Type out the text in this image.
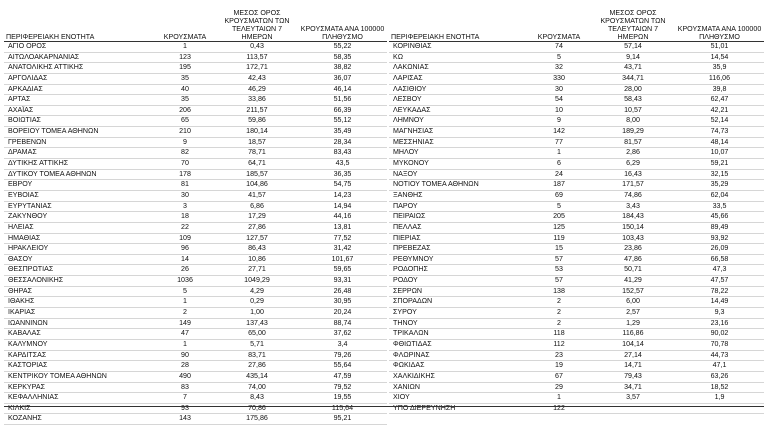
ΠΕΡΙΦΕΡΕΙΑΚΗ ΕΝΟΤΗΤΑ	ΚΡΟΥΣΜΑΤΑ	ΜΕΣΟΣ ΟΡΟΣ ΚΡΟΥΣΜΑΤΩΝ ΤΩΝ ΤΕΛΕΥΤΑΙΩΝ 7 ΗΜΕΡΩΝ	ΚΡΟΥΣΜΑΤΑ ΑΝΑ 100000 ΠΛΗΘΥΣΜΟ

ΑΓΙΟ ΟΡΟΣ	1	0,43	55,22
ΑΙΤΩΛΟΑΚΑΡΝΑΝΙΑΣ	123	113,57	58,35
ΑΝΑΤΟΛΙΚΗΣ ΑΤΤΙΚΗΣ	195	172,71	38,82
ΑΡΓΟΛΙΔΑΣ	35	42,43	36,07
ΑΡΚΑΔΙΑΣ	40	46,29	46,14
ΑΡΤΑΣ	35	33,86	51,56
ΑΧΑΪΑΣ	206	211,57	66,39
ΒΟΙΩΤΙΑΣ	65	59,86	55,12
ΒΟΡΕΙΟΥ ΤΟΜΕΑ ΑΘΗΝΩΝ	210	180,14	35,49
ΓΡΕΒΕΝΩΝ	9	18,57	28,34
ΔΡΑΜΑΣ	82	78,71	83,43
ΔΥΤΙΚΗΣ ΑΤΤΙΚΗΣ	70	64,71	43,5
ΔΥΤΙΚΟΥ ΤΟΜΕΑ ΑΘΗΝΩΝ	178	185,57	36,35
ΕΒΡΟΥ	81	104,86	54,75
ΕΥΒΟΙΑΣ	30	41,57	14,23
ΕΥΡΥΤΑΝΙΑΣ	3	6,86	14,94
ΖΑΚΥΝΘΟΥ	18	17,29	44,16
ΗΛΕΙΑΣ	22	27,86	13,81
ΗΜΑΘΙΑΣ	109	127,57	77,52
ΗΡΑΚΛΕΙΟΥ	96	86,43	31,42
ΘΑΣΟΥ	14	10,86	101,67
ΘΕΣΠΡΩΤΙΑΣ	26	27,71	59,65
ΘΕΣΣΑΛΟΝΙΚΗΣ	1036	1049,29	93,31
ΘΗΡΑΣ	5	4,29	26,48
ΙΘΑΚΗΣ	1	0,29	30,95
ΙΚΑΡΙΑΣ	2	1,00	20,24
ΙΩΑΝΝΙΝΩΝ	149	137,43	88,74
ΚΑΒΑΛΑΣ	47	65,00	37,62
ΚΑΛΥΜΝΟΥ	1	5,71	3,4
ΚΑΡΔΙΤΣΑΣ	90	83,71	79,26
ΚΑΣΤΟΡΙΑΣ	28	27,86	55,64
ΚΕΝΤΡΙΚΟΥ ΤΟΜΕΑ ΑΘΗΝΩΝ	490	435,14	47,59
ΚΕΡΚΥΡΑΣ	83	74,00	79,52
ΚΕΦΑΛΛΗΝΙΑΣ	7	8,43	19,55
ΚΙΛΚΙΣ	93	70,86	115,64
ΚΟΖΑΝΗΣ	143	175,86	95,21
ΠΕΡΙΦΕΡΕΙΑΚΗ ΕΝΟΤΗΤΑ	ΚΡΟΥΣΜΑΤΑ	ΜΕΣΟΣ ΟΡΟΣ ΚΡΟΥΣΜΑΤΩΝ ΤΩΝ ΤΕΛΕΥΤΑΙΩΝ 7 ΗΜΕΡΩΝ	ΚΡΟΥΣΜΑΤΑ ΑΝΑ 100000 ΠΛΗΘΥΣΜΟ

ΚΟΡΙΝΘΙΑΣ	74	57,14	51,01
ΚΩ	5	9,14	14,54
ΛΑΚΩΝΙΑΣ	32	43,71	35,9
ΛΑΡΙΣΑΣ	330	344,71	116,06
ΛΑΣΙΘΙΟΥ	30	28,00	39,8
ΛΕΣΒΟΥ	54	58,43	62,47
ΛΕΥΚΑΔΑΣ	10	10,57	42,21
ΛΗΜΝΟΥ	9	8,00	52,14
ΜΑΓΝΗΣΙΑΣ	142	189,29	74,73
ΜΕΣΣΗΝΙΑΣ	77	81,57	48,14
ΜΗΛΟΥ	1	2,86	10,07
ΜΥΚΟΝΟΥ	6	6,29	59,21
ΝΑΞΟΥ	24	16,43	32,15
ΝΟΤΙΟΥ ΤΟΜΕΑ ΑΘΗΝΩΝ	187	171,57	35,29
ΞΑΝΘΗΣ	69	74,86	62,04
ΠΑΡΟΥ	5	3,43	33,5
ΠΕΙΡΑΙΩΣ	205	184,43	45,66
ΠΕΛΛΑΣ	125	150,14	89,49
ΠΙΕΡΙΑΣ	119	103,43	93,92
ΠΡΕΒΕΖΑΣ	15	23,86	26,09
ΡΕΘΥΜΝΟΥ	57	47,86	66,58
ΡΟΔΟΠΗΣ	53	50,71	47,3
ΡΟΔΟΥ	57	41,29	47,57
ΣΕΡΡΩΝ	138	152,57	78,22
ΣΠΟΡΑΔΩΝ	2	6,00	14,49
ΣΥΡΟΥ	2	2,57	9,3
ΤΗΝΟΥ	2	1,29	23,16
ΤΡΙΚΑΛΩΝ	118	116,86	90,02
ΦΘΙΩΤΙΔΑΣ	112	104,14	70,78
ΦΛΩΡΙΝΑΣ	23	27,14	44,73
ΦΩΚΙΔΑΣ	19	14,71	47,1
ΧΑΛΚΙΔΙΚΗΣ	67	79,43	63,26
ΧΑΝΙΩΝ	29	34,71	18,52
ΧΙΟΥ	1	3,57	1,9
ΥΠΟ ΔΙΕΡΕΥΝΗΣΗ	122		
